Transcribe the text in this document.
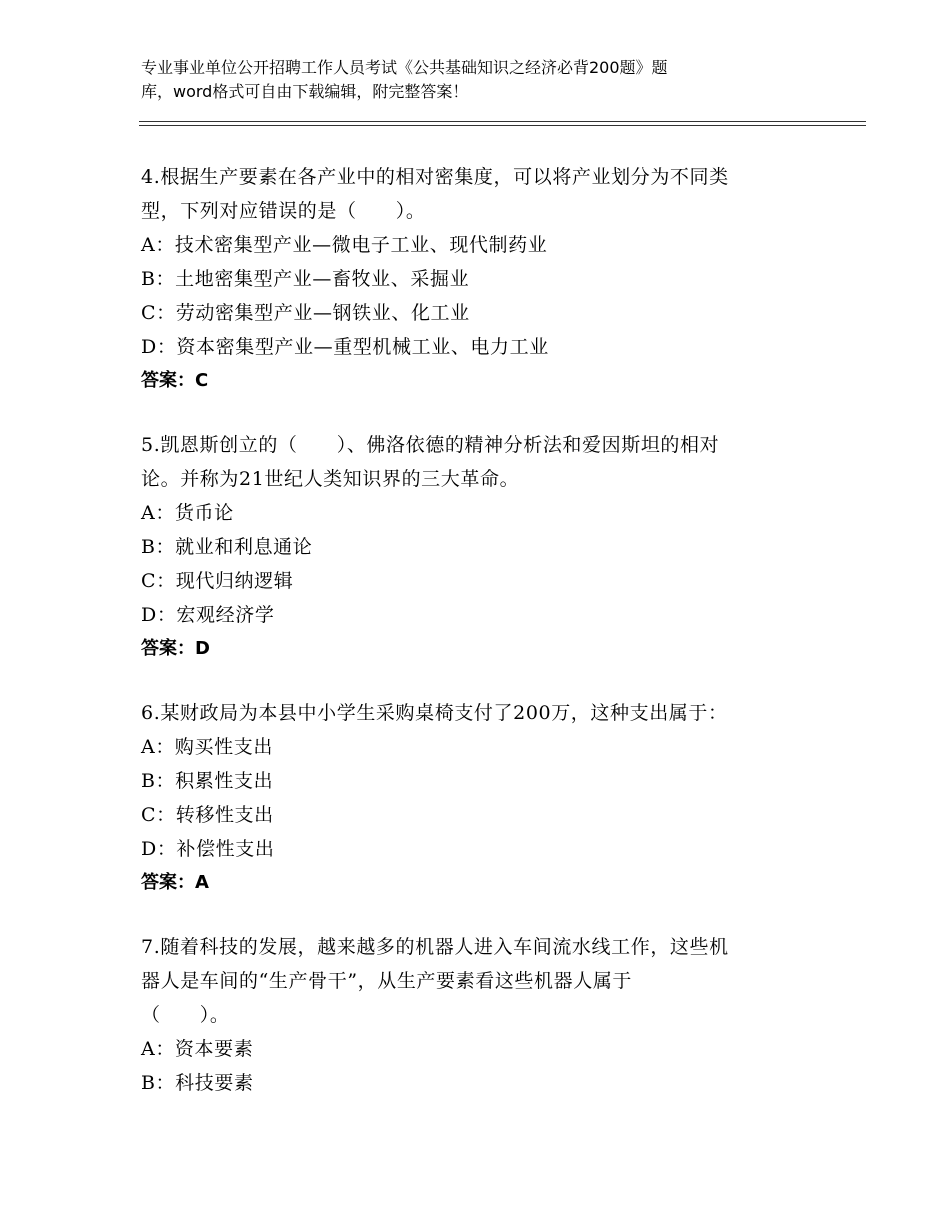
专业事业单位公开招聘工作人员考试《公共基础知识之经济必背200题》题
库，word格式可自由下载编辑，附完整答案！
4.根据生产要素在各产业中的相对密集度，可以将产业划分为不同类
型，下列对应错误的是（　　）。
A：技术密集型产业—微电子工业、现代制药业
B：土地密集型产业—畜牧业、采掘业
C：劳动密集型产业—钢铁业、化工业
D：资本密集型产业—重型机械工业、电力工业
答案：C
5.凯恩斯创立的（　　）、佛洛依德的精神分析法和爱因斯坦的相对
论。并称为21世纪人类知识界的三大革命。
A：货币论
B：就业和利息通论
C：现代归纳逻辑
D：宏观经济学
答案：D
6.某财政局为本县中小学生采购桌椅支付了200万，这种支出属于：
A：购买性支出
B：积累性支出
C：转移性支出
D：补偿性支出
答案：A
7.随着科技的发展，越来越多的机器人进入车间流水线工作，这些机
器人是车间的“生产骨干”，从生产要素看这些机器人属于
（　　）。
A：资本要素
B：科技要素
